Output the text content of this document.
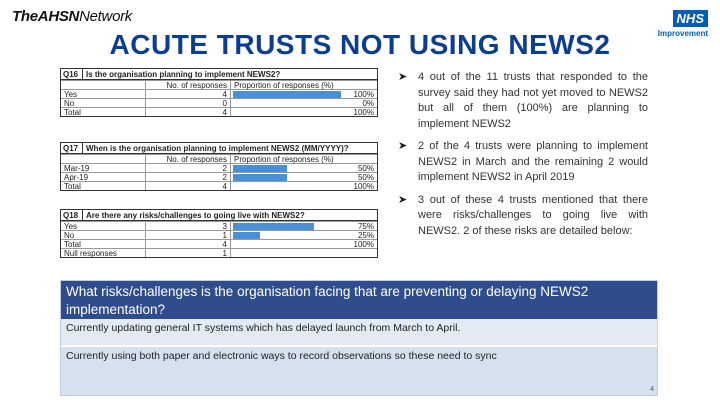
TheAHSNNetwork	NHS
Improvement
ACUTE TRUSTS NOT USING NEWS2
Q16 Is the organisation planning to implement NEWS2?
No. of responses Proportion of responses (%)
Yes	4	100%
No	0	0%
Total	4	100%
Q17 When is the organisation planning to implement NEWS2 (MM/YYYY)?
No. of responses Proportion of responses (%)
Mar-19	2	50%
Apr-19	2	50%
Total	4	100%
Q18 Are there any risks/challenges to going live with NEWS2?
Yes	3	75%
No	1	25%
Total	4	100%
Null responses	1
➤ 4 out of the 11 trusts that responded to the survey said they had not yet moved to NEWS2 but all of them (100%) are planning to implement NEWS2
➤ 2 of the 4 trusts were planning to implement NEWS2 in March and the remaining 2 would implement NEWS2 in April 2019
➤ 3 out of these 4 trusts mentioned that there were risks/challenges to going live with NEWS2. 2 of these risks are detailed below:
What risks/challenges is the organisation facing that are preventing or delaying NEWS2 implementation?
Currently updating general IT systems which has delayed launch from March to April.
Currently using both paper and electronic ways to record observations so these need to sync
4
